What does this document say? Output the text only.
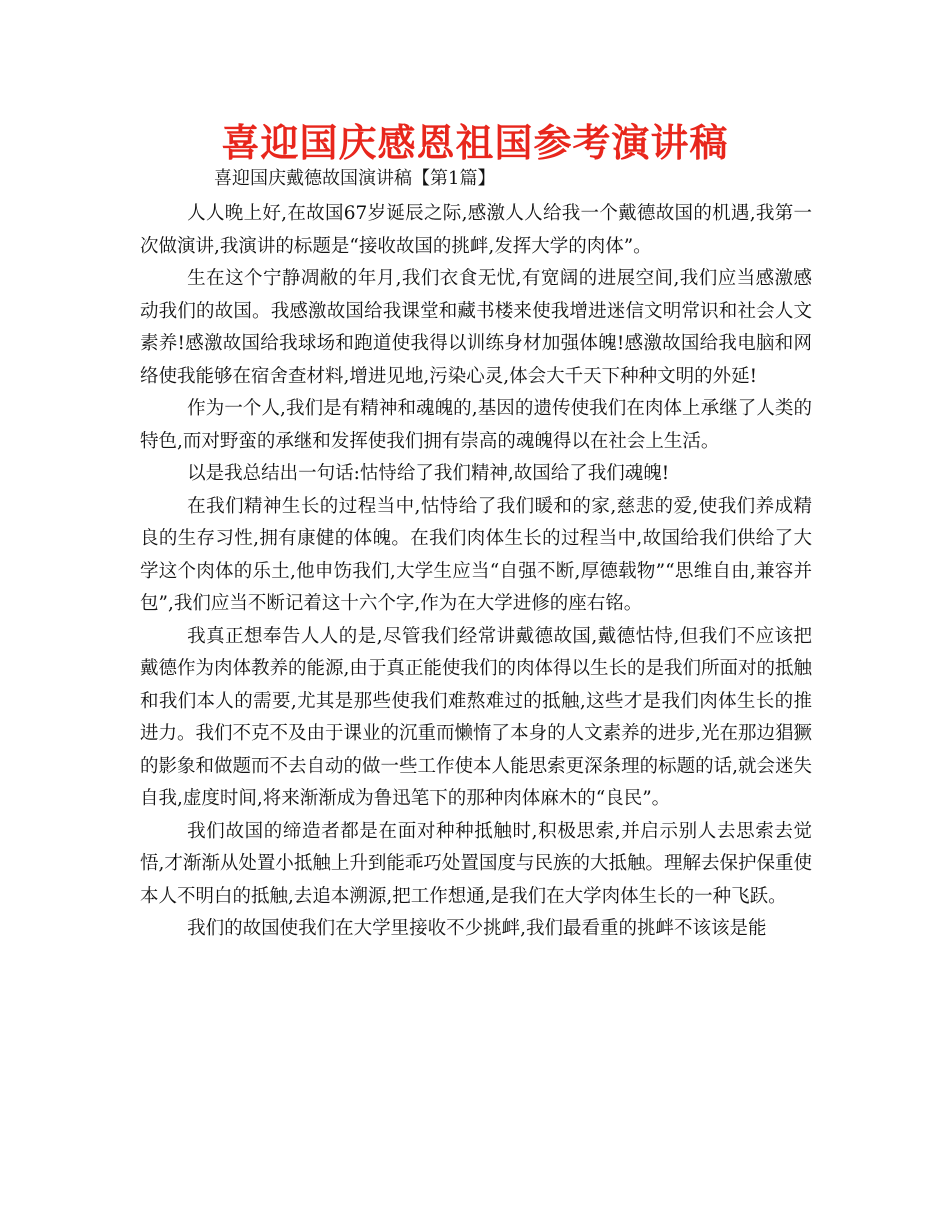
喜迎国庆感恩祖国参考演讲稿
喜迎国庆戴德故国演讲稿【第1篇】

人人晚上好,在故国67岁诞辰之际,感激人人给我一个戴德故国的机遇,我第一次做演讲,我演讲的标题是“接收故国的挑衅,发挥大学的肉体”。

生在这个宁静凋敝的年月,我们衣食无忧,有宽阔的进展空间,我们应当感激感动我们的故国。我感激故国给我课堂和藏书楼来使我增进迷信文明常识和社会人文素养!感激故国给我球场和跑道使我得以训练身材加强体魄!感激故国给我电脑和网络使我能够在宿舍查材料,增进见地,污染心灵,体会大千天下种种文明的外延!

作为一个人,我们是有精神和魂魄的,基因的遗传使我们在肉体上承继了人类的特色,而对野蛮的承继和发挥使我们拥有崇高的魂魄得以在社会上生活。

以是我总结出一句话:怙恃给了我们精神,故国给了我们魂魄!

在我们精神生长的过程当中,怙恃给了我们暖和的家,慈悲的爱,使我们养成精良的生存习性,拥有康健的体魄。在我们肉体生长的过程当中,故国给我们供给了大学这个肉体的乐土,他申饬我们,大学生应当“自强不断,厚德载物”“思维自由,兼容并包”,我们应当不断记着这十六个字,作为在大学进修的座右铭。

我真正想奉告人人的是,尽管我们经常讲戴德故国,戴德怙恃,但我们不应该把戴德作为肉体教养的能源,由于真正能使我们的肉体得以生长的是我们所面对的抵触和我们本人的需要,尤其是那些使我们难熬难过的抵触,这些才是我们肉体生长的推进力。我们不克不及由于课业的沉重而懒惰了本身的人文素养的进步,光在那边猖獗的影象和做题而不去自动的做一些工作使本人能思索更深条理的标题的话,就会迷失自我,虚度时间,将来渐渐成为鲁迅笔下的那种肉体麻木的“良民”。

我们故国的缔造者都是在面对种种抵触时,积极思索,并启示别人去思索去觉悟,才渐渐从处置小抵触上升到能乖巧处置国度与民族的大抵触。理解去保护保重使本人不明白的抵触,去追本溯源,把工作想通,是我们在大学肉体生长的一种飞跃。

我们的故国使我们在大学里接收不少挑衅,我们最看重的挑衅不该该是能
